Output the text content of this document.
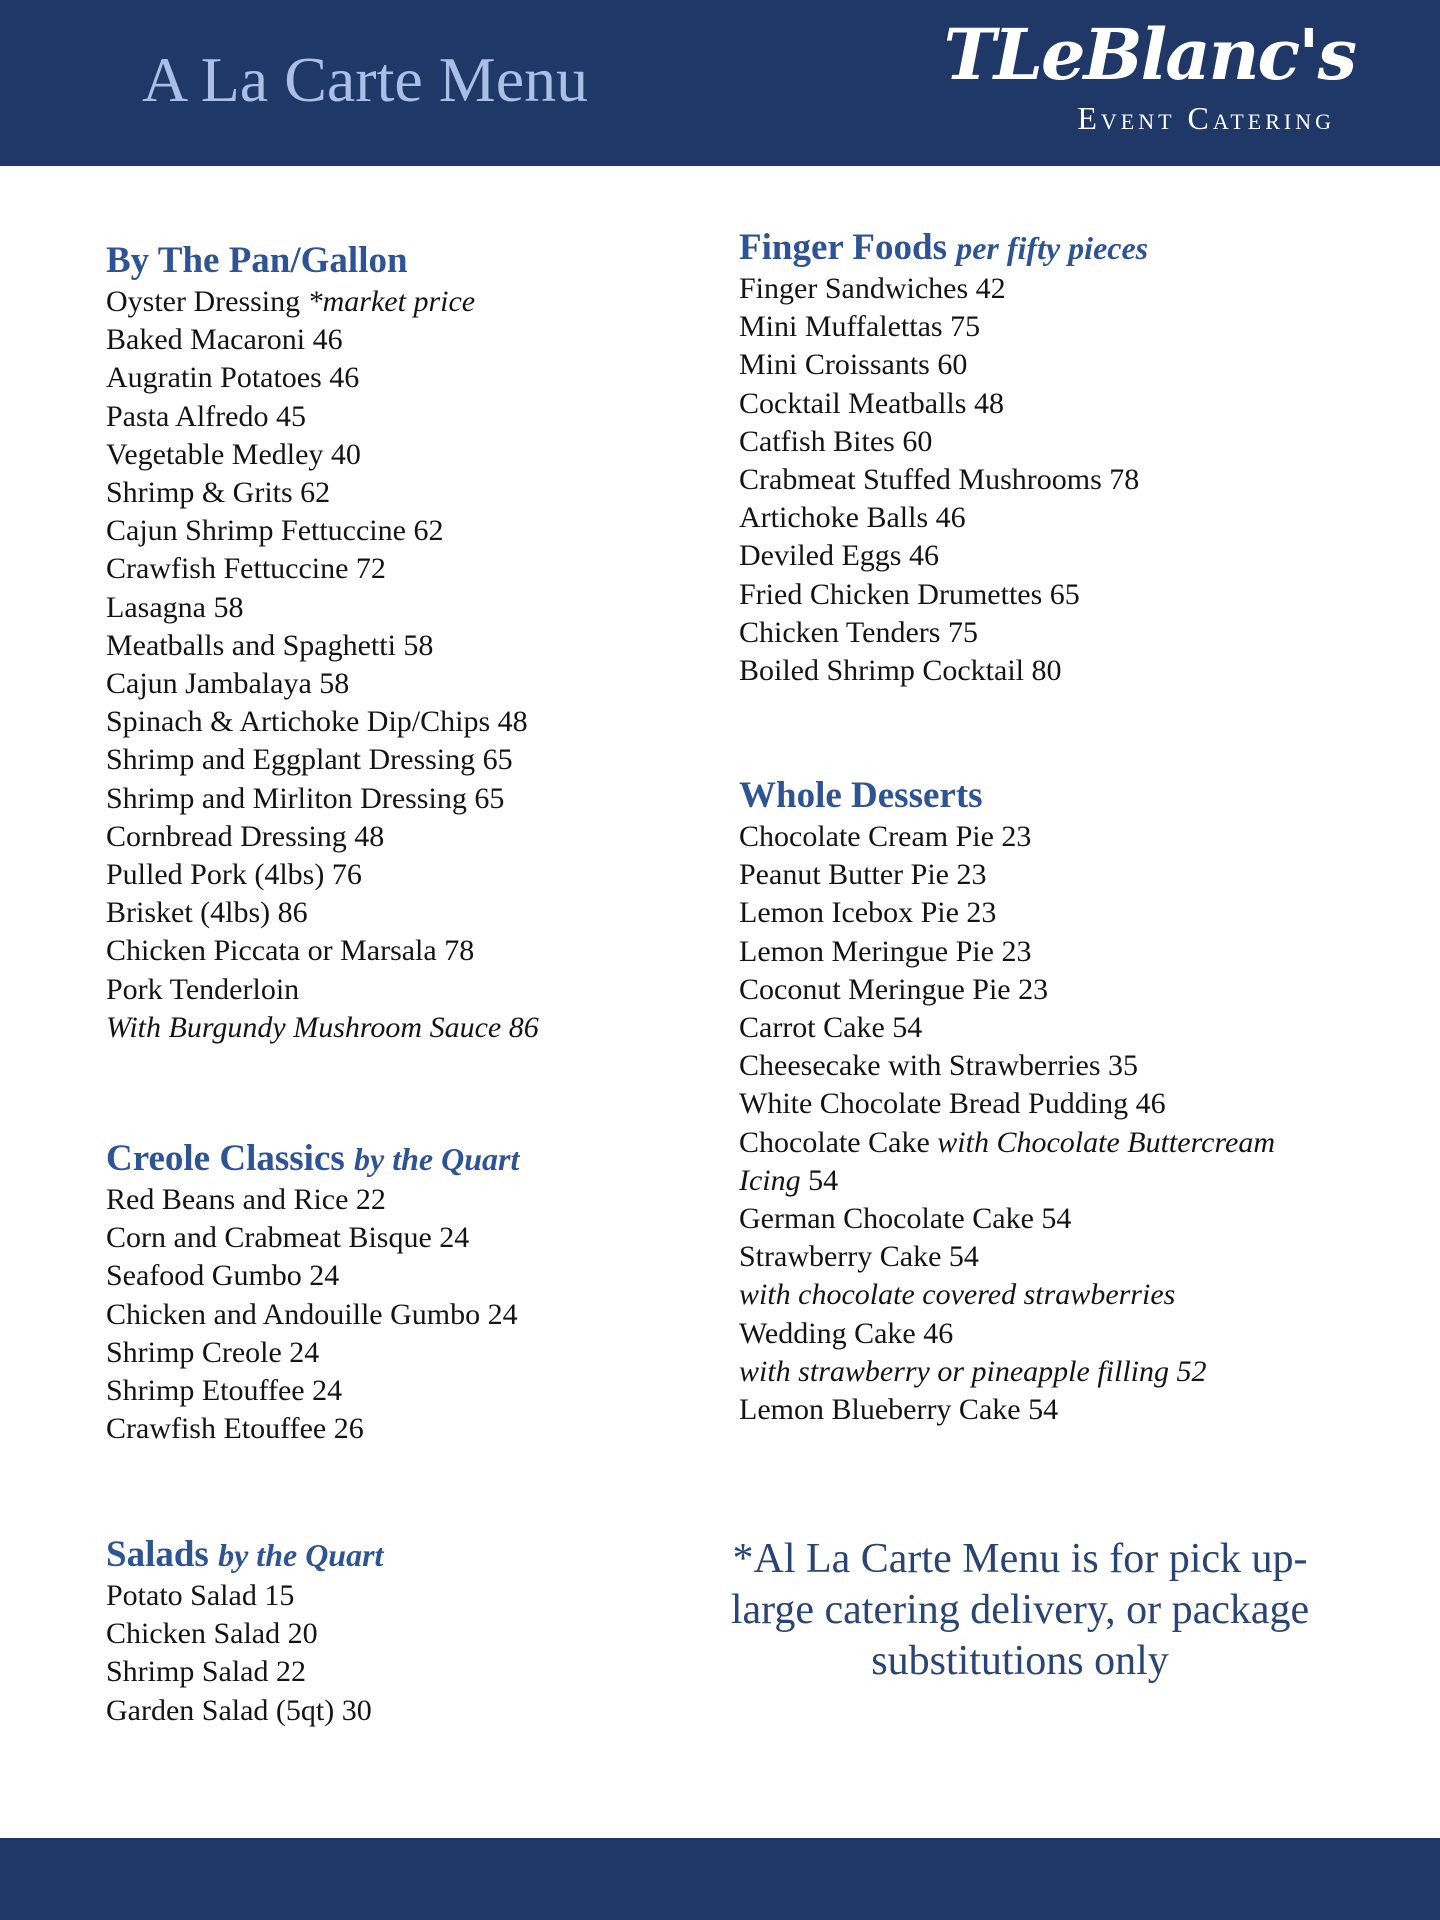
A La Carte Menu	TLeBlanc's
Event Catering
By The Pan/Gallon
Oyster Dressing *market price
Baked Macaroni 46
Augratin Potatoes 46
Pasta Alfredo 45
Vegetable Medley 40
Shrimp & Grits 62
Cajun Shrimp Fettuccine 62
Crawfish Fettuccine 72
Lasagna 58
Meatballs and Spaghetti 58
Cajun Jambalaya 58
Spinach & Artichoke Dip/Chips 48
Shrimp and Eggplant Dressing 65
Shrimp and Mirliton Dressing 65
Cornbread Dressing 48
Pulled Pork (4lbs) 76
Brisket (4lbs) 86
Chicken Piccata or Marsala 78
Pork Tenderloin
With Burgundy Mushroom Sauce 86
Creole Classics by the Quart
Red Beans and Rice 22
Corn and Crabmeat Bisque 24
Seafood Gumbo 24
Chicken and Andouille Gumbo 24
Shrimp Creole 24
Shrimp Etouffee 24
Crawfish Etouffee 26
Salads by the Quart
Potato Salad 15
Chicken Salad 20
Shrimp Salad 22
Garden Salad (5qt) 30
Finger Foods per fifty pieces
Finger Sandwiches 42
Mini Muffalettas 75
Mini Croissants 60
Cocktail Meatballs 48
Catfish Bites 60
Crabmeat Stuffed Mushrooms 78
Artichoke Balls 46
Deviled Eggs 46
Fried Chicken Drumettes 65
Chicken Tenders 75
Boiled Shrimp Cocktail 80
Whole Desserts
Chocolate Cream Pie 23
Peanut Butter Pie 23
Lemon Icebox Pie 23
Lemon Meringue Pie 23
Coconut Meringue Pie 23
Carrot Cake 54
Cheesecake with Strawberries 35
White Chocolate Bread Pudding 46
Chocolate Cake with Chocolate Buttercream
Icing 54
German Chocolate Cake 54
Strawberry Cake 54
with chocolate covered strawberries
Wedding Cake 46
with strawberry or pineapple filling 52
Lemon Blueberry Cake 54
*Al La Carte Menu is for pick up-
large catering delivery, or package
substitutions only
